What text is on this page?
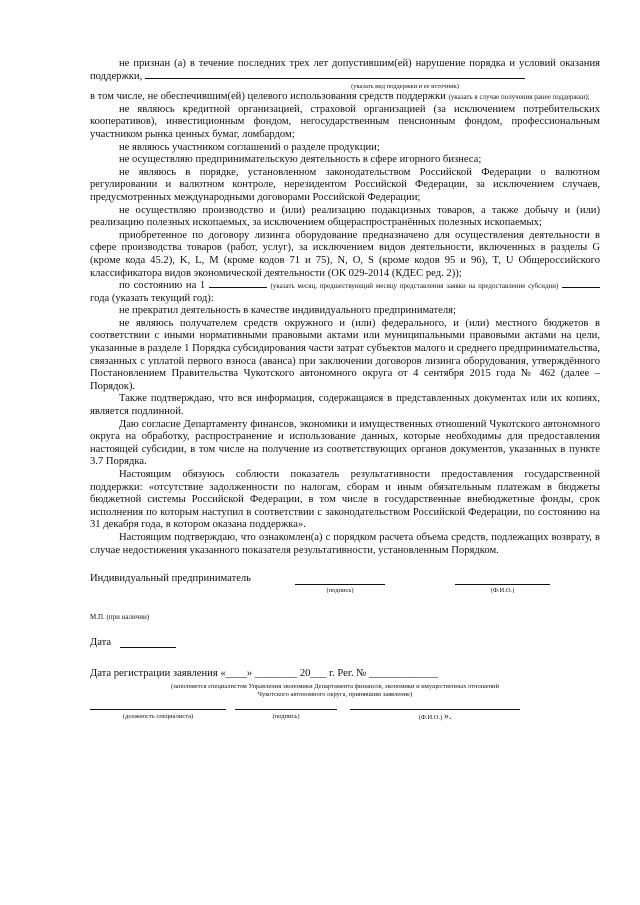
не признан (а) в течение последних трех лет допустившим(ей) нарушение порядка и условий оказания поддержки,

(указать вид поддержки и ее источник)

в том числе, не обеспечившим(ей) целевого использования средств поддержки (указать в случае получения ранее поддержки);

не являюсь кредитной организацией, страховой организацией (за исключением потребительских кооперативов), инвестиционным фондом, негосударственным пенсионным фондом, профессиональным участником рынка ценных бумаг, ломбардом;

не являюсь участником соглашений о разделе продукции;

не осуществляю предпринимательскую деятельность в сфере игорного бизнеса;

не являюсь в порядке, установленном законодательством Российской Федерации о валютном регулировании и валютном контроле, нерезидентом Российской Федерации, за исключением случаев, предусмотренных международными договорами Российской Федерации;

не осуществляю производство и (или) реализацию подакцизных товаров, а также добычу и (или) реализацию полезных ископаемых, за исключением общераспространённых полезных ископаемых;

приобретенное по договору лизинга оборудование предназначено для осуществления деятельности в сфере производства товаров (работ, услуг), за исключением видов деятельности, включенных в разделы G (кроме кода 45.2), K, L, M (кроме кодов 71 и 75), N, O, S (кроме кодов 95 и 96), T, U Общероссийского классификатора видов экономической деятельности (ОК 029-2014 (КДЕС ред. 2));

по состоянию на 1	(указать месяц, предшествующий месяцу представления заявки на предоставление субсидии)  года (указать текущий год):

не прекратил деятельность в качестве индивидуального предпринимателя;

не являюсь получателем средств окружного и (или) федерального, и (или) местного бюджетов в соответствии с иными нормативными правовыми актами или муниципальными правовыми актами на цели, указанные в разделе 1 Порядка субсидирования части затрат субъектов малого и среднего предпринимательства, связанных с уплатой первого взноса (аванса) при заключении договоров лизинга оборудования, утверждённого Постановлением Правительства Чукотского автономного округа от 4 сентября 2015 года № 462 (далее – Порядок).

Также подтверждаю, что вся информация, содержащаяся в представленных документах или их копиях, является подлинной.

Даю согласие Департаменту финансов, экономики и имущественных отношений Чукотского автономного округа на обработку, распространение и использование данных, которые необходимы для предоставления настоящей субсидии, в том числе на получение из соответствующих органов документов, указанных в пункте 3.7 Порядка.

Настоящим обязуюсь соблюсти показатель результативности предоставления государственной поддержки: «отсутствие задолженности по налогам, сборам и иным обязательным платежам в бюджеты бюджетной системы Российской Федерации, в том числе в государственные внебюджетные фонды, срок исполнения по которым наступил в соответствии с законодательством Российской Федерации, по состоянию на 31 декабря года, в котором оказана поддержка».

Настоящим подтверждаю, что ознакомлен(а) с порядком расчета объема средств, подлежащих возврату, в случае недостижения указанного показателя результативности, установленным Порядком.

Индивидуальный предприниматель
(подпись)	(Ф.И.О.)
М.П. (при наличии)
Дата
Дата регистрации заявления «____» ________ 20___ г. Рег. № _____________
(заполняется специалистом Управления экономики Департамента финансов, экономики и имущественных отношений
Чукотского автономного округа, принявшим заявление)
(должность специалиста)	(подпись)	(Ф.И.О.) ».
